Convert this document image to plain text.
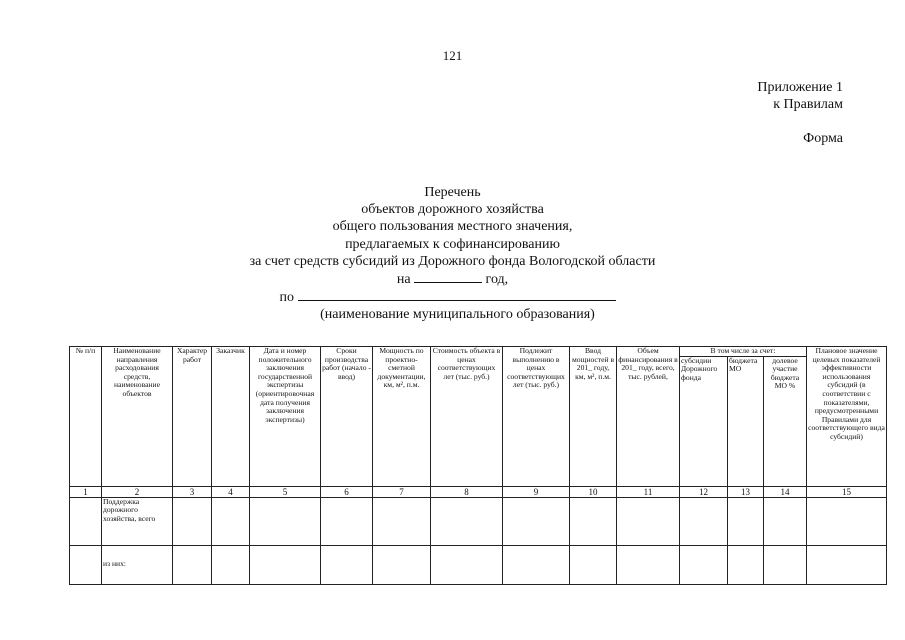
121
Приложение 1
к Правилам
Форма
Перечень
объектов дорожного хозяйства
общего пользования местного значения,
предлагаемых к софинансированию
за счет средств субсидий из Дорожного фонда Вологодской области
на	год,
по
(наименование муниципального образования)
№ п/п	Наименование направления расходования средств, наименование объектов	Характер работ	Заказчик	Дата и номер положительного заключения государственной экспертизы (ориентировочная дата получения заключения экспертизы)	Сроки производства работ (начало - ввод)	Мощность по проектно-сметной документации, км, м², п.м.	Стоимость объекта в ценах соответствующих лет (тыс. руб.)	Подлежит выполнению в ценах соответствующих лет (тыс. руб.)	Ввод мощностей в 201_ году, км, м², п.м.	Объем финансирования в 201_ году, всего, тыс. рублей,	В том числе за счет:			Плановое значение целевых показателей эффективности использования субсидий (в соответствии с показателями, предусмотренными Правилами для соответствующего вида субсидий)
											субсидии Дорожного фонда	бюджета МО	долевое участие бюджета МО %	
1	2	3	4	5	6	7	8	9	10	11	12	13	14	15
	Поддержка дорожного хозяйства, всего													
	из них:													
